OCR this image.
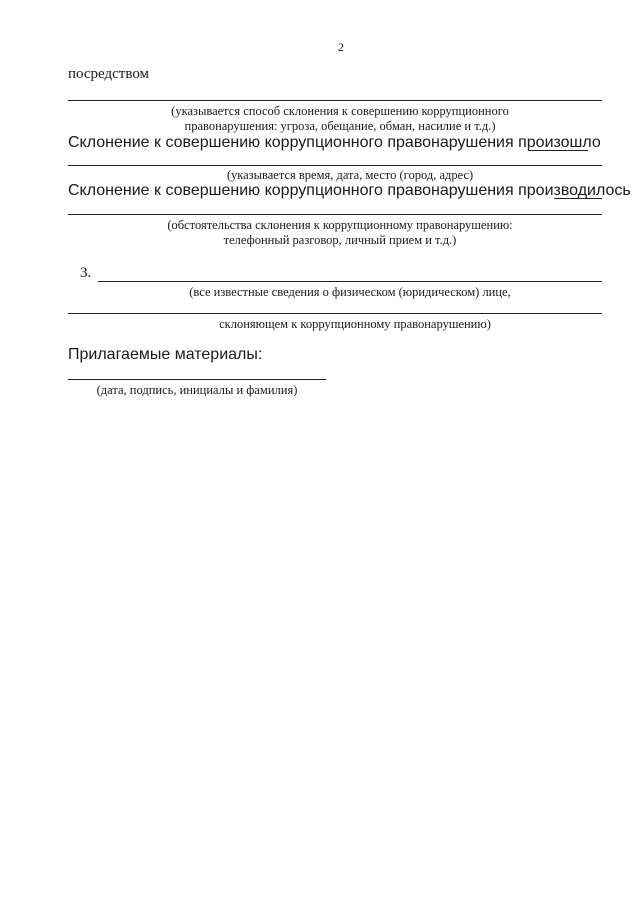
2
посредством
(указывается способ склонения к совершению коррупционного
правонарушения: угроза, обещание, обман, насилие и т.д.)
Склонение к совершению коррупционного правонарушения произошло
(указывается время, дата, место (город, адрес)
Склонение к совершению коррупционного правонарушения производилось
(обстоятельства склонения к коррупционному правонарушению:
телефонный разговор, личный прием и т.д.)
3.
(все известные сведения о физическом (юридическом) лице,
склоняющем к коррупционному правонарушению)
Прилагаемые материалы:
(дата, подпись, инициалы и фамилия)
